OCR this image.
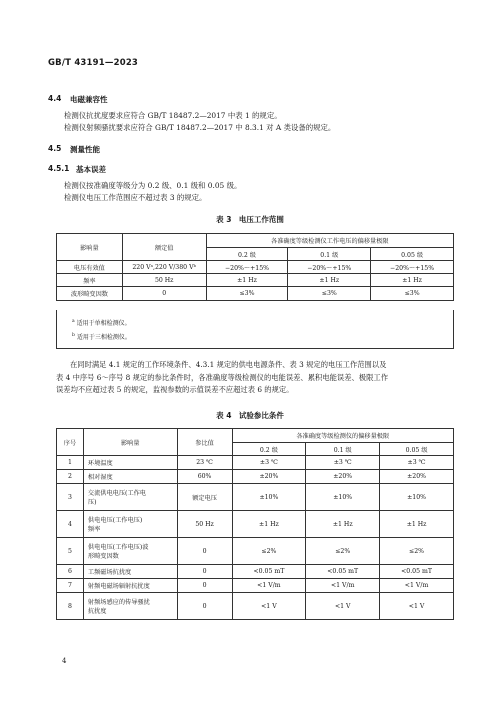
GB/T 43191—2023
4.4 电磁兼容性
检测仪抗扰度要求应符合 GB/T 18487.2—2017 中表 1 的规定。
检测仪射频骚扰要求应符合 GB/T 18487.2—2017 中 8.3.1 对 A 类设备的规定。
4.5 测量性能
4.5.1 基本误差
检测仪按准确度等级分为 0.2 级、0.1 级和 0.05 级。
检测仪电压工作范围应不超过表 3 的规定。
表 3　电压工作范围
影响量	额定值	各准确度等级检测仪工作电压的偏移量极限		
		0.2 级	0.1 级	0.05 级
电压有效值	220 Vᵃ,220 V/380 Vᵇ	−20%～+15%	−20%～+15%	−20%～+15%
频率	50 Hz	±1 Hz	±1 Hz	±1 Hz
波形畸变因数	0	≤3%	≤3%	≤3%
$^a$ 适用于单相检测仪。
$^b$ 适用于三相检测仪。
在同时满足 4.1 规定的工作环境条件、4.3.1 规定的供电电源条件、表 3 规定的电压工作范围以及
表 4 中序号 6～序号 8 规定的参比条件时，各准确度等级检测仪的电能误差、累积电能误差、极限工作
误差均不应超过表 5 的规定，监视参数的示值误差不应超过表 6 的规定。
表 4　试验参比条件
序号	影响量	参比值	各准确度等级检测仪的偏移量极限		
			0.2 级	0.1 级	0.05 级
1	环境温度	23 ℃	±3 ℃	±3 ℃	±3 ℃
2	相对湿度	60%	±20%	±20%	±20%
3	交流供电电压(工作电
压)	额定电压	±10%	±10%	±10%
4	供电电压(工作电压)
频率	50 Hz	±1 Hz	±1 Hz	±1 Hz
5	供电电压(工作电压)波
形畸变因数	0	≤2%	≤2%	≤2%
6	工频磁场抗扰度	0	<0.05 mT	<0.05 mT	<0.05 mT
7	射频电磁场辐射抗扰度	0	<1 V/m	<1 V/m	<1 V/m
8	射频场感应的传导骚扰
抗扰度	0	<1 V	<1 V	<1 V
4
